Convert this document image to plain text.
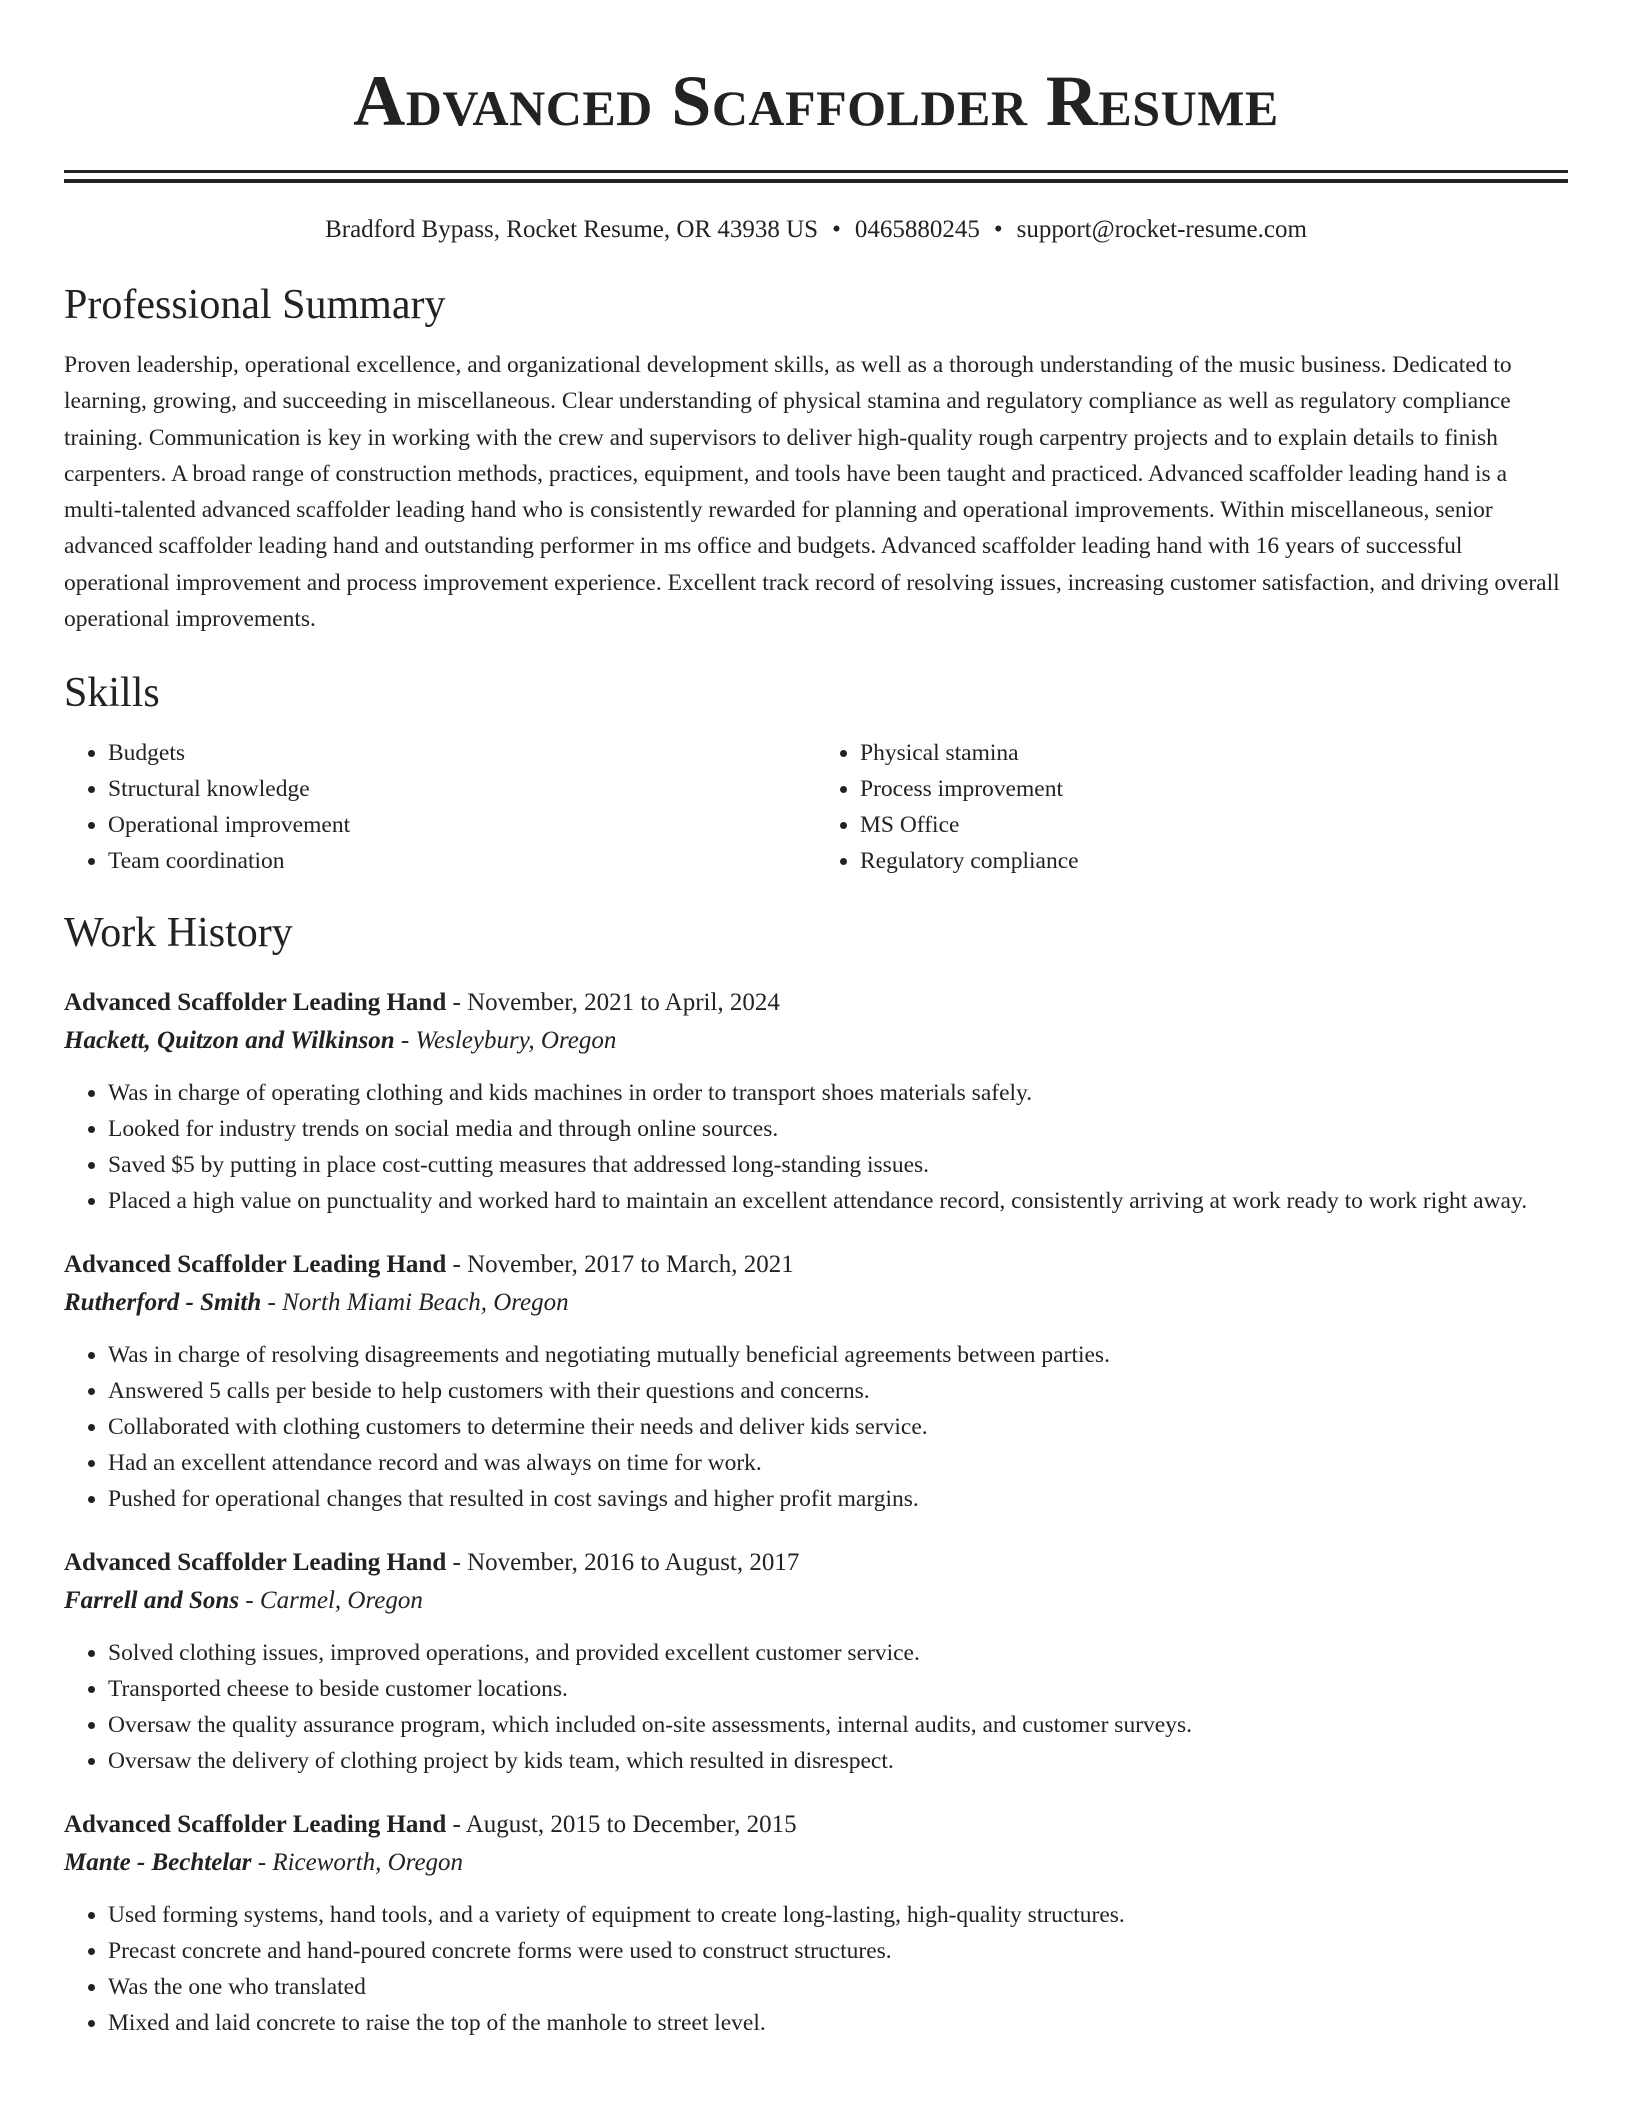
Advanced Scaffolder Resume
Bradford Bypass, Rocket Resume, OR 43938 US • 0465880245 • support@rocket-resume.com
Professional Summary

Proven leadership, operational excellence, and organizational development skills, as well as a thorough understanding of the music business. Dedicated to learning, growing, and succeeding in miscellaneous. Clear understanding of physical stamina and regulatory compliance as well as regulatory compliance training. Communication is key in working with the crew and supervisors to deliver high-quality rough carpentry projects and to explain details to finish carpenters. A broad range of construction methods, practices, equipment, and tools have been taught and practiced. Advanced scaffolder leading hand is a multi-talented advanced scaffolder leading hand who is consistently rewarded for planning and operational improvements. Within miscellaneous, senior advanced scaffolder leading hand and outstanding performer in ms office and budgets. Advanced scaffolder leading hand with 16 years of successful operational improvement and process improvement experience. Excellent track record of resolving issues, increasing customer satisfaction, and driving overall operational improvements.

Skills
• Budgets
• Structural knowledge
• Operational improvement
• Team coordination
• Physical stamina
• Process improvement
• MS Office
• Regulatory compliance
Work History
Advanced Scaffolder Leading Hand - November, 2021 to April, 2024
Hackett, Quitzon and Wilkinson - Wesleybury, Oregon
• Was in charge of operating clothing and kids machines in order to transport shoes materials safely.
• Looked for industry trends on social media and through online sources.
• Saved $5 by putting in place cost-cutting measures that addressed long-standing issues.
• Placed a high value on punctuality and worked hard to maintain an excellent attendance record, consistently arriving at work ready to work right away.
Advanced Scaffolder Leading Hand - November, 2017 to March, 2021
Rutherford - Smith - North Miami Beach, Oregon
• Was in charge of resolving disagreements and negotiating mutually beneficial agreements between parties.
• Answered 5 calls per beside to help customers with their questions and concerns.
• Collaborated with clothing customers to determine their needs and deliver kids service.
• Had an excellent attendance record and was always on time for work.
• Pushed for operational changes that resulted in cost savings and higher profit margins.
Advanced Scaffolder Leading Hand - November, 2016 to August, 2017
Farrell and Sons - Carmel, Oregon
• Solved clothing issues, improved operations, and provided excellent customer service.
• Transported cheese to beside customer locations.
• Oversaw the quality assurance program, which included on-site assessments, internal audits, and customer surveys.
• Oversaw the delivery of clothing project by kids team, which resulted in disrespect.
Advanced Scaffolder Leading Hand - August, 2015 to December, 2015
Mante - Bechtelar - Riceworth, Oregon
• Used forming systems, hand tools, and a variety of equipment to create long-lasting, high-quality structures.
• Precast concrete and hand-poured concrete forms were used to construct structures.
• Was the one who translated
• Mixed and laid concrete to raise the top of the manhole to street level.
